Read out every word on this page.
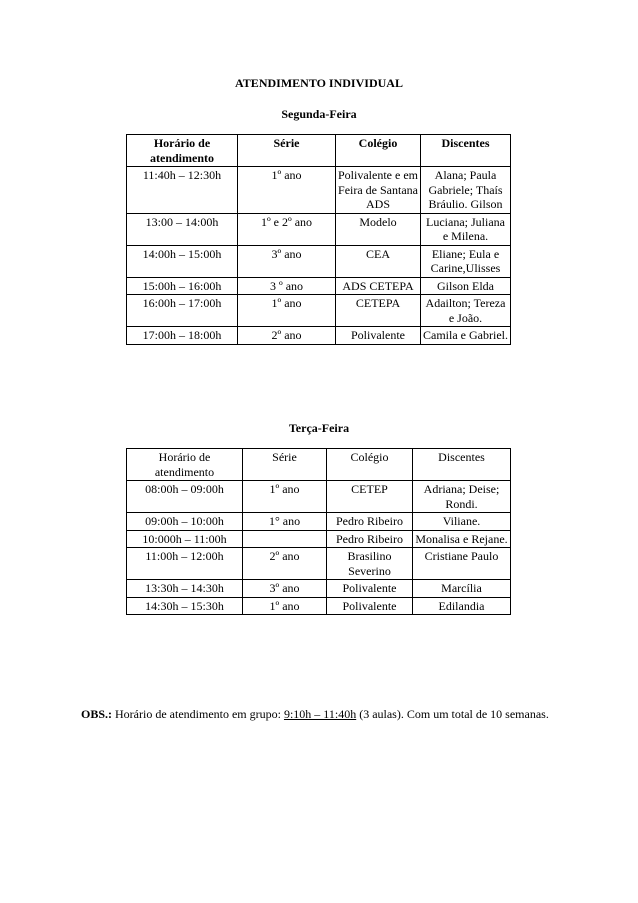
ATENDIMENTO INDIVIDUAL
Segunda-Feira
Horário de atendimento	Série	Colégio	Discentes
11:40h – 12:30h	1º ano	Polivalente e em Feira de Santana ADS	Alana; Paula Gabriele; Thaís Bráulio. Gilson
13:00 – 14:00h	1º e 2º ano	Modelo	Luciana; Juliana e Milena.
14:00h – 15:00h	3º ano	CEA	Eliane; Eula e Carine,Ulisses
15:00h – 16:00h	3 º ano	ADS CETEPA	Gilson Elda
16:00h – 17:00h	1º ano	CETEPA	Adailton; Tereza e João.
17:00h – 18:00h	2º ano	Polivalente	Camila e Gabriel.
Terça-Feira
Horário de atendimento	Série	Colégio	Discentes
08:00h – 09:00h	1º ano	CETEP	Adriana; Deise; Rondi.
09:00h – 10:00h	1° ano	Pedro Ribeiro	Viliane.
10:000h – 11:00h		Pedro Ribeiro	Monalisa e Rejane.
11:00h – 12:00h	2º ano	Brasilino Severino	Cristiane Paulo
13:30h – 14:30h	3º ano	Polivalente	Marcília
14:30h – 15:30h	1º ano	Polivalente	Edilandia
OBS.: Horário de atendimento em grupo: 9:10h – 11:40h (3 aulas). Com um total de 10 semanas.
